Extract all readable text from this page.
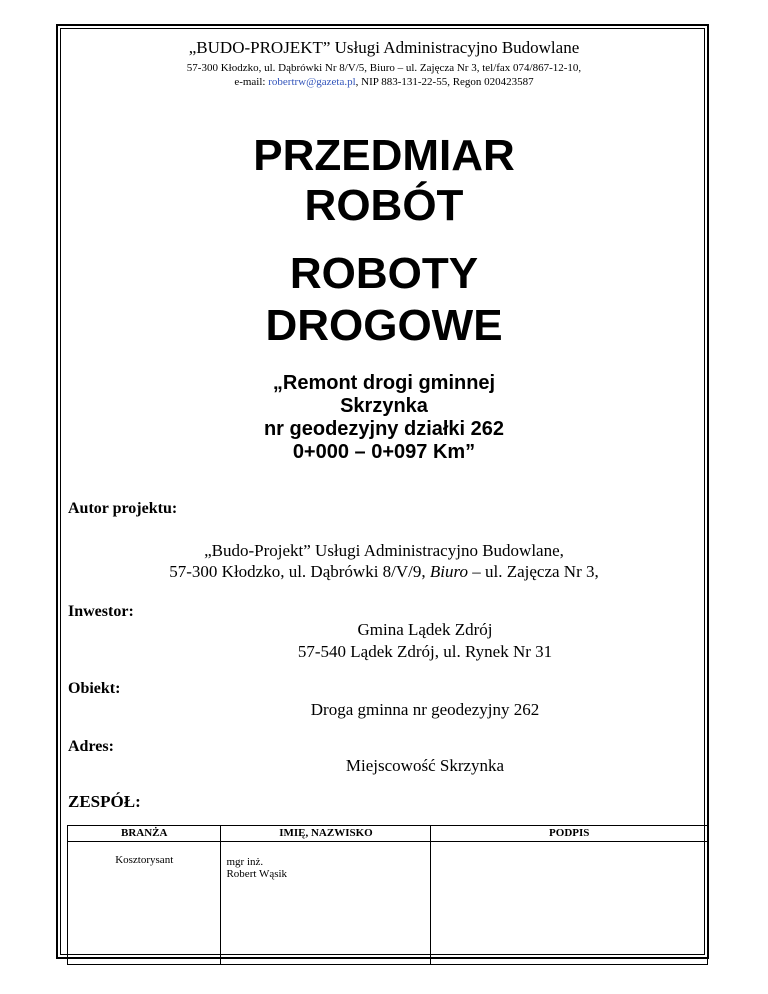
„BUDO-PROJEKT” Usługi Administracyjno Budowlane
57-300 Kłodzko, ul. Dąbrówki Nr 8/V/5, Biuro – ul. Zajęcza Nr 3, tel/fax 074/867-12-10,
e-mail: robertrw@gazeta.pl, NIP 883-131-22-55, Regon 020423587
PRZEDMIAR
ROBÓT
ROBOTY
DROGOWE
„Remont drogi gminnej
Skrzynka
nr geodezyjny działki 262
0+000 – 0+097 Km”
Autor projektu:
„Budo-Projekt” Usługi Administracyjno Budowlane,
57-300 Kłodzko, ul. Dąbrówki 8/V/9, Biuro – ul. Zajęcza Nr 3,
Inwestor:
Gmina Lądek Zdrój
57-540 Lądek Zdrój, ul. Rynek Nr 31
Obiekt:
Droga gminna nr geodezyjny 262
Adres:
Miejscowość Skrzynka
ZESPÓŁ:
BRANŻA	IMIĘ, NAZWISKO	PODPIS
Kosztorysant	mgr inż.
Robert Wąsik	
